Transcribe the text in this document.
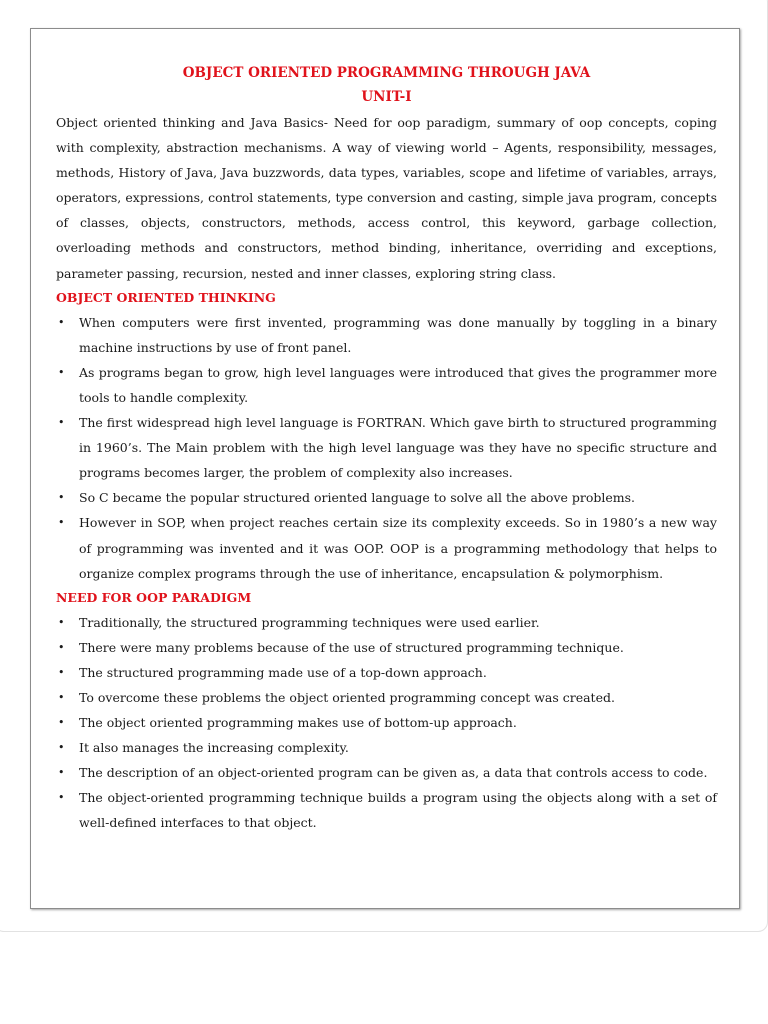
OBJECT ORIENTED PROGRAMMING THROUGH JAVA

UNIT-I

Object oriented thinking and Java Basics- Need for oop paradigm, summary of oop concepts, coping with complexity, abstraction mechanisms. A way of viewing world – Agents, responsibility, messages, methods, History of Java, Java buzzwords, data types, variables, scope and lifetime of variables, arrays, operators, expressions, control statements, type conversion and casting, simple java program, concepts of classes, objects, constructors, methods, access control, this keyword, garbage collection, overloading methods and constructors, method binding, inheritance, overriding and exceptions, parameter passing, recursion, nested and inner classes, exploring string class.

OBJECT ORIENTED THINKING

• When computers were first invented, programming was done manually by toggling in a binary machine instructions by use of front panel.
• As programs began to grow, high level languages were introduced that gives the programmer more tools to handle complexity.
• The first widespread high level language is FORTRAN. Which gave birth to structured programming in 1960’s. The Main problem with the high level language was they have no specific structure and programs becomes larger, the problem of complexity also increases.
• So C became the popular structured oriented language to solve all the above problems.
• However in SOP, when project reaches certain size its complexity exceeds. So in 1980’s a new way of programming was invented and it was OOP. OOP is a programming methodology that helps to organize complex programs through the use of inheritance, encapsulation & polymorphism.

NEED FOR OOP PARADIGM

• Traditionally, the structured programming techniques were used earlier.
• There were many problems because of the use of structured programming technique.
• The structured programming made use of a top-down approach.
• To overcome these problems the object oriented programming concept was created.
• The object oriented programming makes use of bottom-up approach.
• It also manages the increasing complexity.
• The description of an object-oriented program can be given as, a data that controls access to code.
• The object-oriented programming technique builds a program using the objects along with a set of well-defined interfaces to that object.
